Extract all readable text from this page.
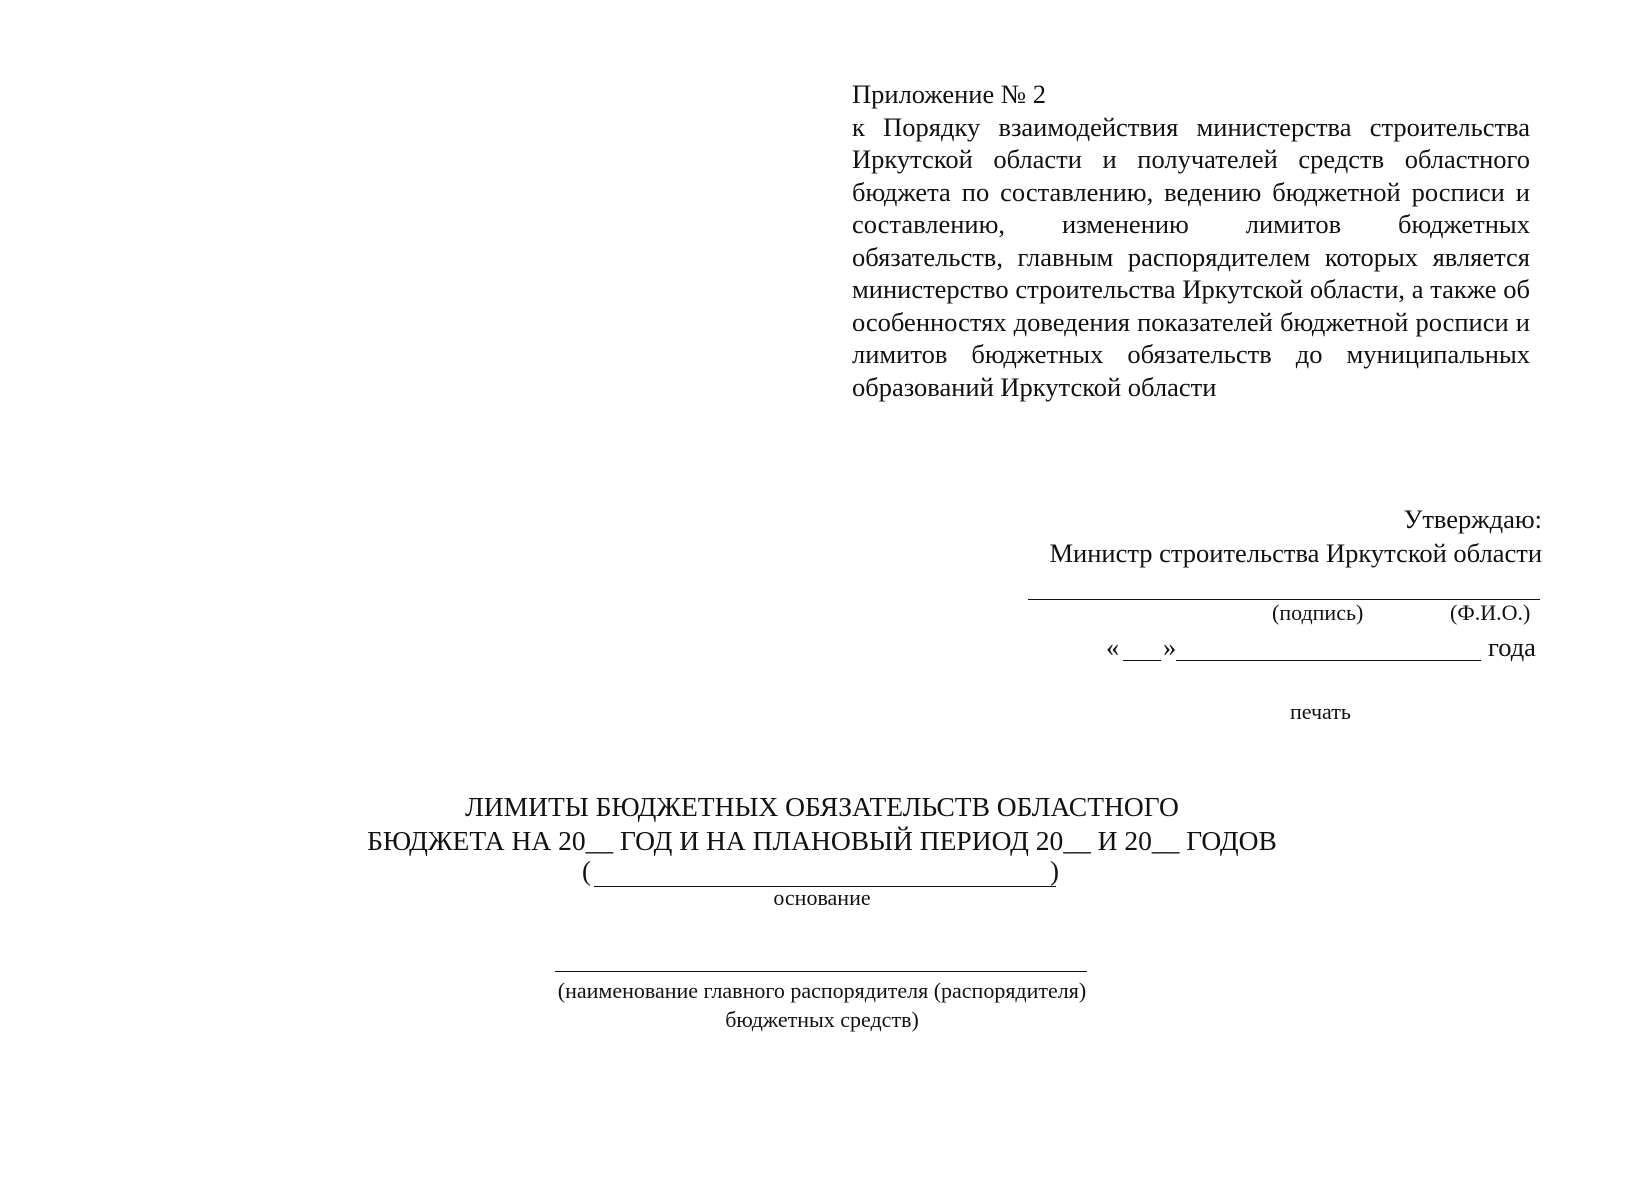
Приложение № 2
к Порядку взаимодействия министерства строительства Иркутской области и получателей средств областного бюджета по составлению, ведению бюджетной росписи и составлению, изменению лимитов бюджетных обязательств, главным распорядителем которых является министерство строительства Иркутской области, а также об особенностях доведения показателей бюджетной росписи и лимитов бюджетных обязательств до муниципальных образований Иркутской области
Утверждаю:
Министр строительства Иркутской области
(подпись)	(Ф.И.О.)
« »	года
печать
ЛИМИТЫ БЮДЖЕТНЫХ ОБЯЗАТЕЛЬСТВ ОБЛАСТНОГО
БЮДЖЕТА НА 20__ ГОД И НА ПЛАНОВЫЙ ПЕРИОД 20__ И 20__ ГОДОВ
(	)
основание
(наименование главного распорядителя (распорядителя)
бюджетных средств)
